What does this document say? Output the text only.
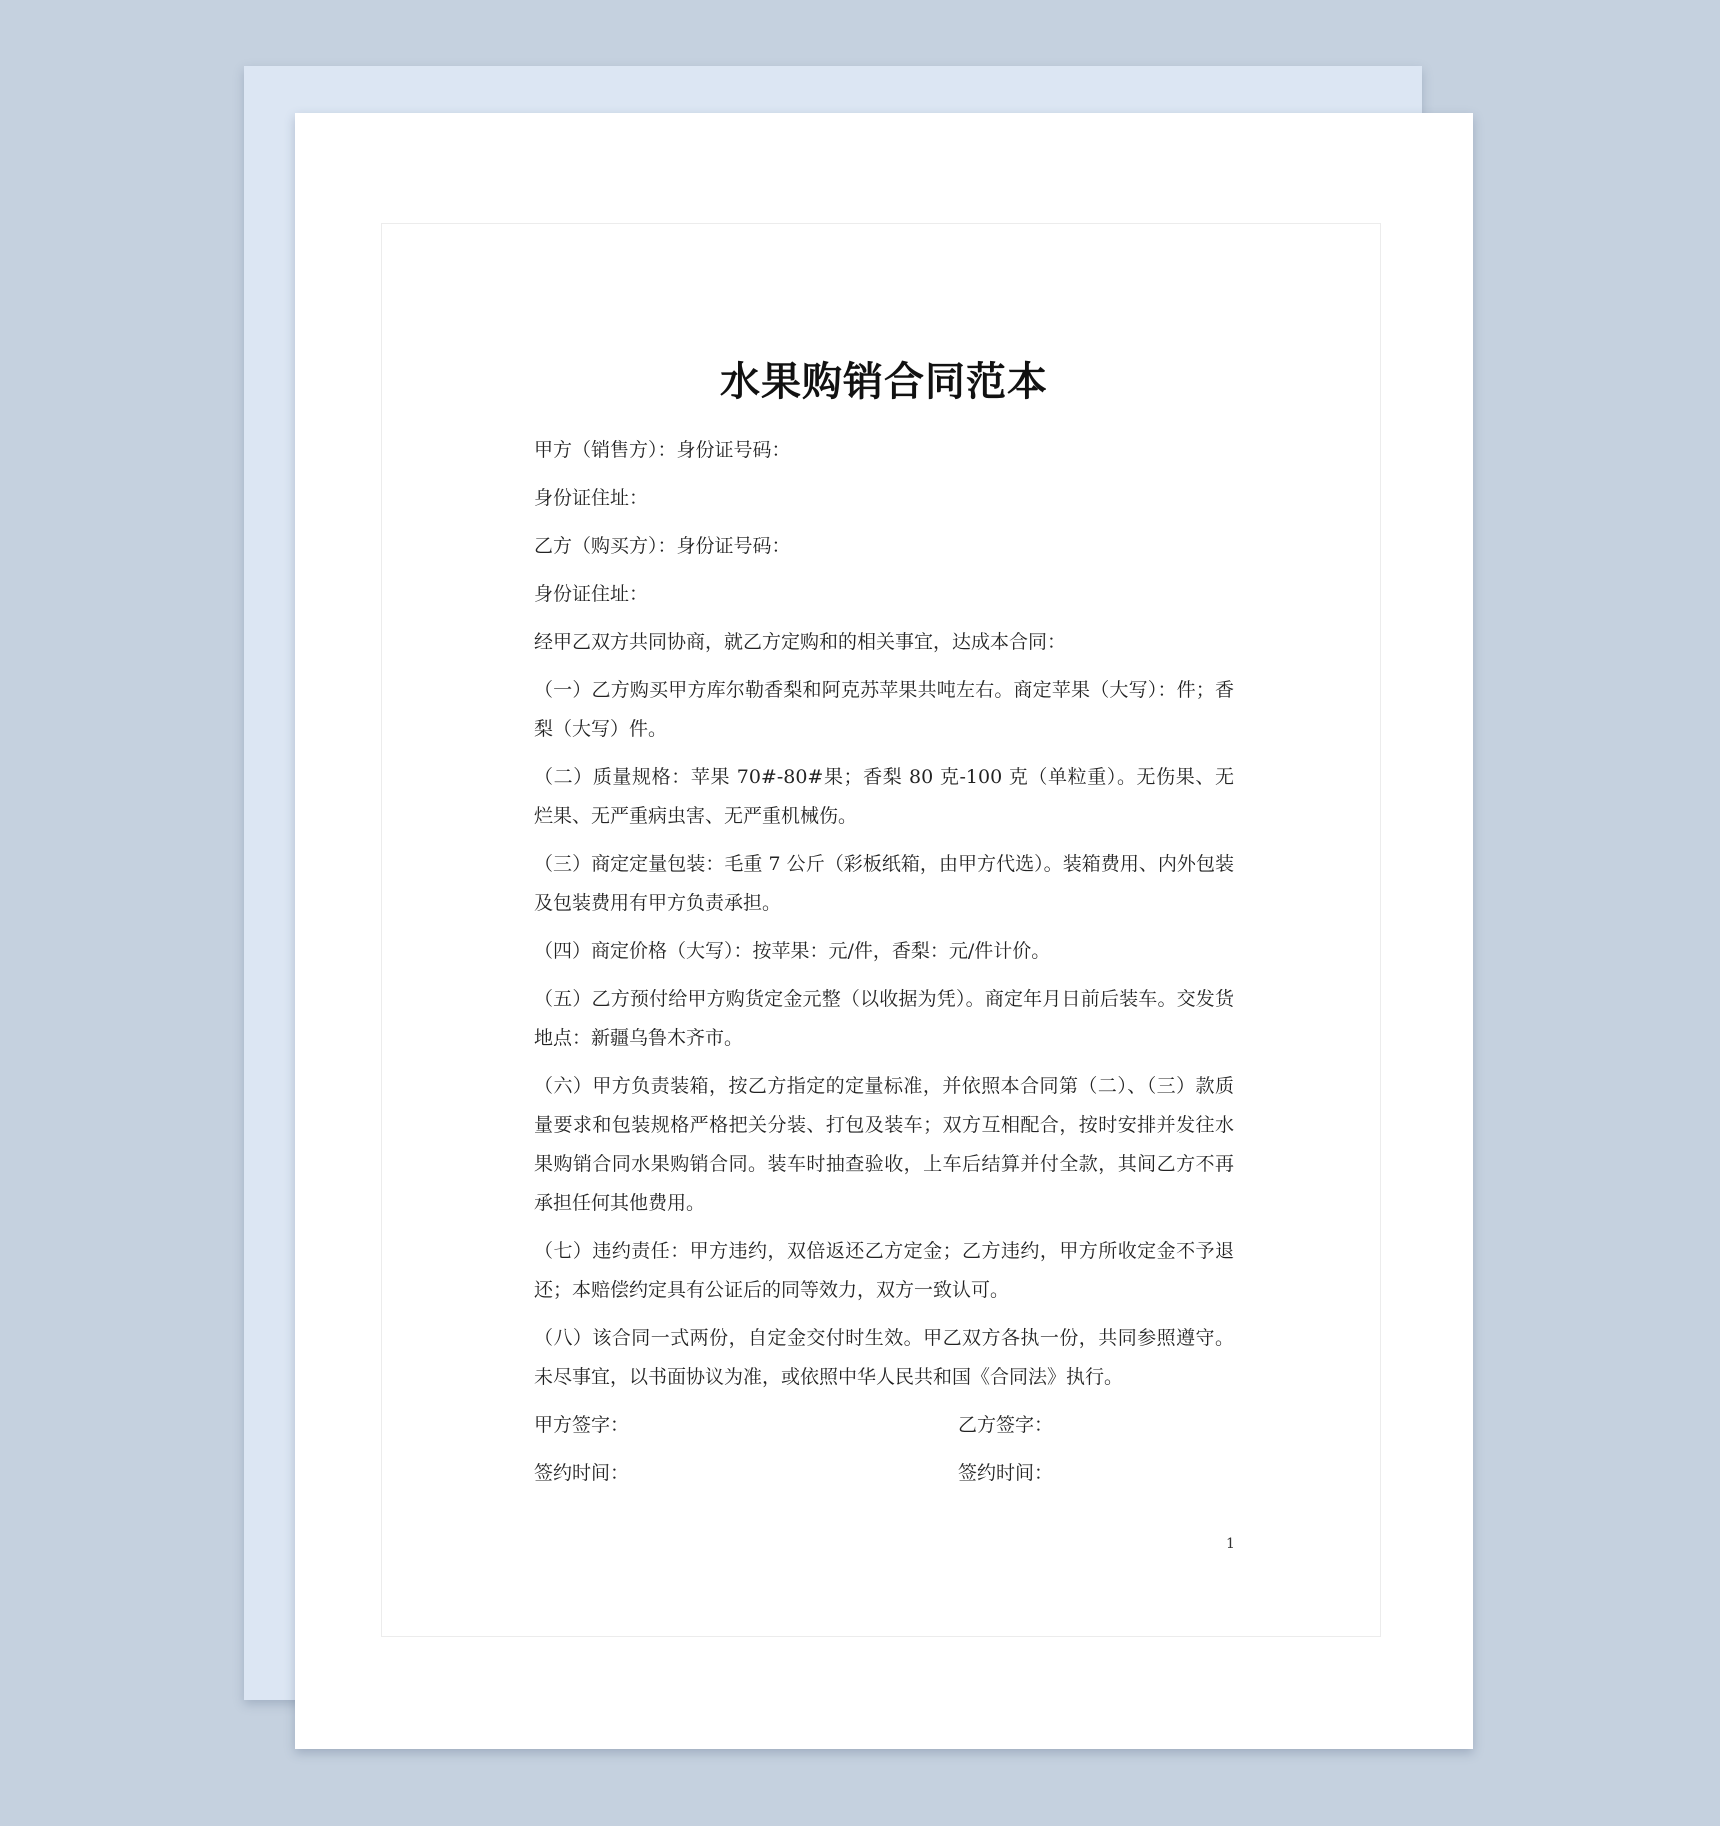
水果购销合同范本

甲方（销售方）：身份证号码：

身份证住址：

乙方（购买方）：身份证号码：

身份证住址：

经甲乙双方共同协商，就乙方定购和的相关事宜，达成本合同：

（一）乙方购买甲方库尔勒香梨和阿克苏苹果共吨左右。商定苹果（大写）：件；香梨（大写）件。

（二）质量规格：苹果 70#-80#果；香梨 80 克-100 克（单粒重）。无伤果、无烂果、无严重病虫害、无严重机械伤。

（三）商定定量包装：毛重 7 公斤（彩板纸箱，由甲方代选）。装箱费用、内外包装及包装费用有甲方负责承担。

（四）商定价格（大写）：按苹果：元/件，香梨：元/件计价。

（五）乙方预付给甲方购货定金元整（以收据为凭）。商定年月日前后装车。交发货地点：新疆乌鲁木齐市。

（六）甲方负责装箱，按乙方指定的定量标准，并依照本合同第（二）、（三）款质量要求和包装规格严格把关分装、打包及装车；双方互相配合，按时安排并发往水果购销合同水果购销合同。装车时抽查验收，上车后结算并付全款，其间乙方不再承担任何其他费用。

（七）违约责任：甲方违约，双倍返还乙方定金；乙方违约，甲方所收定金不予退还；本赔偿约定具有公证后的同等效力，双方一致认可。

（八）该合同一式两份，自定金交付时生效。甲乙双方各执一份，共同参照遵守。未尽事宜，以书面协议为准，或依照中华人民共和国《合同法》执行。

甲方签字：	乙方签字：
签约时间：	签约时间：
1
